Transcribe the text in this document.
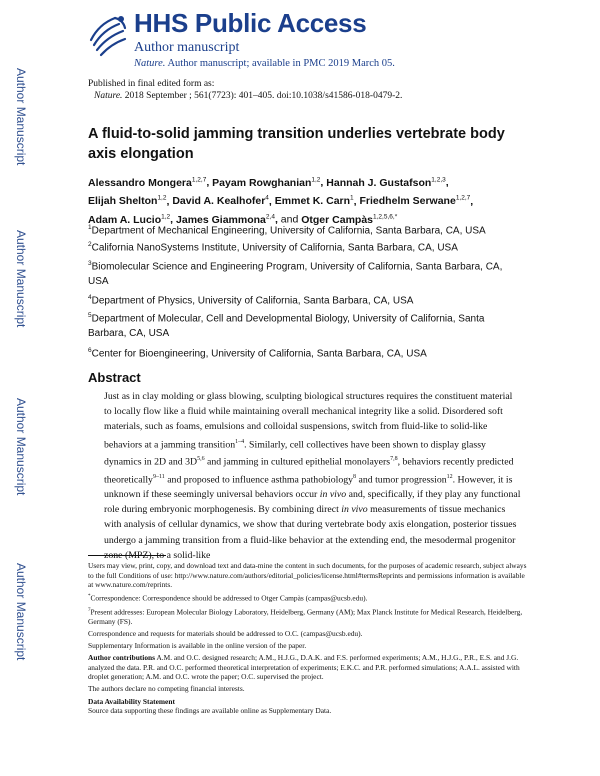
HHS Public Access
Author manuscript
Nature. Author manuscript; available in PMC 2019 March 05.
Author Manuscript
Author Manuscript
Author Manuscript
Author Manuscript
Published in final edited form as:
Nature. 2018 September ; 561(7723): 401–405. doi:10.1038/s41586-018-0479-2.
A fluid-to-solid jamming transition underlies vertebrate body axis elongation
Alessandro Mongera$^{1,2,7}$, Payam Rowghanian$^{1,2}$, Hannah J. Gustafson$^{1,2,3}$, Elijah Shelton$^{1,2}$, David A. Kealhofer$^4$, Emmet K. Carn$^1$, Friedhelm Serwane$^{1,2,7}$, Adam A. Lucio$^{1,2}$, James Giammona$^{2,4}$, and Otger Campàs$^{1,2,5,6,*}$
$^1$Department of Mechanical Engineering, University of California, Santa Barbara, CA, USA
$^2$California NanoSystems Institute, University of California, Santa Barbara, CA, USA
$^3$Biomolecular Science and Engineering Program, University of California, Santa Barbara, CA, USA
$^4$Department of Physics, University of California, Santa Barbara, CA, USA
$^5$Department of Molecular, Cell and Developmental Biology, University of California, Santa Barbara, CA, USA
$^6$Center for Bioengineering, University of California, Santa Barbara, CA, USA
Abstract
Just as in clay molding or glass blowing, sculpting biological structures requires the constituent material to locally flow like a fluid while maintaining overall mechanical integrity like a solid. Disordered soft materials, such as foams, emulsions and colloidal suspensions, switch from fluid-like to solid-like behaviors at a jamming transition$^{1-4}$. Similarly, cell collectives have been shown to display glassy dynamics in 2D and $3D^{5,6}$ and jamming in cultured epithelial monolayers$^{7,8}$, behaviors recently predicted theoretically$^{9-11}$ and proposed to influence asthma pathobiology$^8$ and tumor progression$^{12}$. However, it is unknown if these seemingly universal behaviors occur in vivo and, specifically, if they play any functional role during embryonic morphogenesis. By combining direct in vivo measurements of tissue mechanics with analysis of cellular dynamics, we show that during vertebrate body axis elongation, posterior tissues undergo a jamming transition from a fluid-like behavior at the extending end, the mesodermal progenitor zone (MPZ), to a solid-like

Users may view, print, copy, and download text and data-mine the content in such documents, for the purposes of academic research, subject always to the full Conditions of use: http://www.nature.com/authors/editorial_policies/license.html#termsReprints and permissions information is available at www.nature.com/reprints.

*Correspondence: Correspondence should be addressed to Otger Campàs (campas@ucsb.edu).

$^7$Present addresses: European Molecular Biology Laboratory, Heidelberg, Germany (AM); Max Planck Institute for Medical Research, Heidelberg, Germany (FS).

Correspondence and requests for materials should be addressed to O.C. (campas@ucsb.edu).

Supplementary Information is available in the online version of the paper.

Author contributions A.M. and O.C. designed research; A.M., H.J.G., D.A.K. and F.S. performed experiments; A.M., H.J.G., P.R., E.S. and J.G. analyzed the data. P.R. and O.C. performed theoretical interpretation of experiments; E.K.C. and P.R. performed simulations; A.A.L. assisted with droplet generation; A.M. and O.C. wrote the paper; O.C. supervised the project.

The authors declare no competing financial interests.

Data Availability Statement
Source data supporting these findings are available online as Supplementary Data.
